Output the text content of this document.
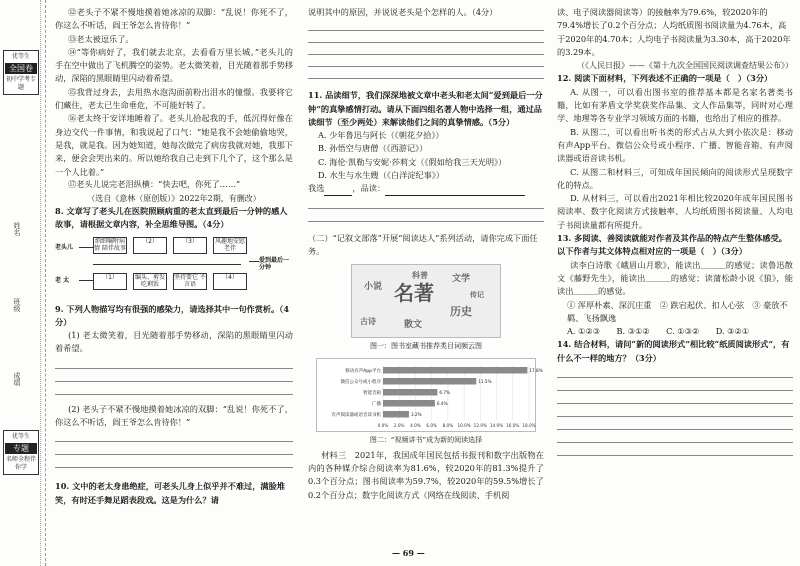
优等生
全国卷
初中学考专题
姓名
班级
成绩
优等生
专题
名师全程伴你学

⑫老头子不紧不慢地摸着她冰凉的双脚：“乱说！你死不了，你这么不听话，阎王爷怎么肯待你！”

⑬老太被逗乐了。

⑭“等你病好了，我们就去北京，去看看万里长城。”老头儿的手在空中做出了飞机腾空的姿势。老太微笑着，目光随着那手势移动，深陷的黑眼睛里闪动着希望。

⑮我背过身去，去用热水泡沟面前粉出泪水的憧憬。我要将它们藏住，老太已生命垂危，不可能好转了。

⑯老太终于安详地睡着了。老头儿拾起我的手，低沉得好像在身边交代一件事情，和我说起了口气：“她是我不会她偷偷地哭，是我，就是我。因为她知道，她每次做完了病房我就对她，我那下来，便会会哭出来的。所以她给我自己走到下几个了，这个那么是一个人比着。”

⑰老头儿说完老泪纵横：“快去吧，你死了……”

（选自《意林（原创版）》2022年2期，有删改）

8. 文章写了老头儿在医院照顾病重的老太直到最后一分钟的感人故事，请根据文章内容，补全思维导图。（4分）

老头儿
老 太
细细嘱咐病情 陪伴故事
（2）	（3）	风趣地安慰老伴
（1）	编头、剪发 吃剩饭
坚持要它 不言语
（4）
爱到最后一分钟

9. 下列人物描写均有很强的感染力，请选择其中一句作赏析。（4分）

(1) 老太微笑着，目光随着那手势移动，深陷的黑眼睛里闪动着希望。

(2) 老头子不紧不慢地摸着她冰凉的双脚：“乱说！你死不了，你这么不听话，阎王爷怎么肯待你！”

10. 文中的老太身患绝症，可老头儿身上似乎并不难过，满脸堆笑，有时还手舞足蹈表段戏。这是为什么？请

说明其中的原因，并说说老头是个怎样的人。（4分）

11. 品读细节，我们深深地被文章中老头和老太间“爱到最后一分钟”的真挚感情打动。请从下面四组名著人物中选择一组，通过品读细节（至少两处）来解读他们之间的真挚情感。（5分）

A. 少年鲁迅与阿长（《朝花夕拾》）

B. 孙悟空与唐僧（《西游记》）

C. 海伦·凯勒与安妮·莎莉文（《假如给我三天光明》）

D. 水生与水生嫂（《白洋淀纪事》）

我选	，品读：

（二）“记叙文部落”开展“阅读达人”系列活动，请你完成下面任务。

名著
小说
历史
文学
古诗
科普
散文
传记

图一：图书室藏书推荐类目词频云图

0.0% 2.0% 4.0% 6.0% 8.0% 10.0% 12.0% 14.0% 16.0% 18.0%
移动有声App平台	17.8%
微信公众号或小程序	11.5%
智能音箱	6.7%
广播	6.4%
有声阅读器或语音读书机	3.2%

图二：“视频讲书”成为新的阅读选择

材料三　2021年，我国成年国民包括书报刊和数字出版物在内的各种媒介综合阅读率为81.6%，较2020年的81.3%提升了0.3个百分点；图书阅读率为59.7%，较2020年的59.5%增长了0.2个百分点；数字化阅读方式（网络在线阅读、手机阅

读、电子阅读器阅读等）的接触率为79.6%，较2020年的79.4%增长了0.2个百分点；人均纸质图书阅读量为4.76本，高于2020年的4.70本；人均电子书阅读量为3.30本，高于2020年的3.29本。

（《人民日报》——《第十九次全国国民阅读调查结果公布》）

12. 阅读下面材料，下列表述不正确的一项是（　）（3分）

A. 从图一，可以看出图书室的推荐基本都是名家名著类书籍，比如有茅盾文学奖获奖作品集、文人作品集等，同时对心理学、地理等各专业学习领域方面的书籍，也给出了相应的推荐。

B. 从图二，可以看出听书类的形式占从大到小依次是：移动有声App平台、微信公众号或小程序、广播、智能音箱、有声阅读器或语音读书机。

C. 从图二和材料三，可知成年国民倾向的阅读形式呈现数字化的特点。

D. 从材料三，可以看出2021年相比较2020年成年国民图书阅读率、数字化阅读方式接触率、人均纸质图书阅读量、人均电子书阅读量都有所提升。

13. 多阅读、善阅读就能对作者及其作品的特点产生整体感受。以下作者与其文体特点相对应的一项是（　）（3分）

读李白诗歌《峨眉山月歌》，能读出＿＿＿的感觉；读鲁迅散文《藤野先生》，能读出＿＿＿的感觉；读蒲松龄小说《狼》，能读出＿＿＿的感觉。

① 浑厚朴素、深沉庄重　② 跌宕起伏、扣人心弦　③ 豪放不羁、飞扬飘逸

A. ①②③　　B. ③①②　　C. ①③②　　D. ③②①

14. 结合材料，请问“新的阅读形式”相比较“纸质阅读形式”，有什么不一样的地方？（3分）

— 69 —
